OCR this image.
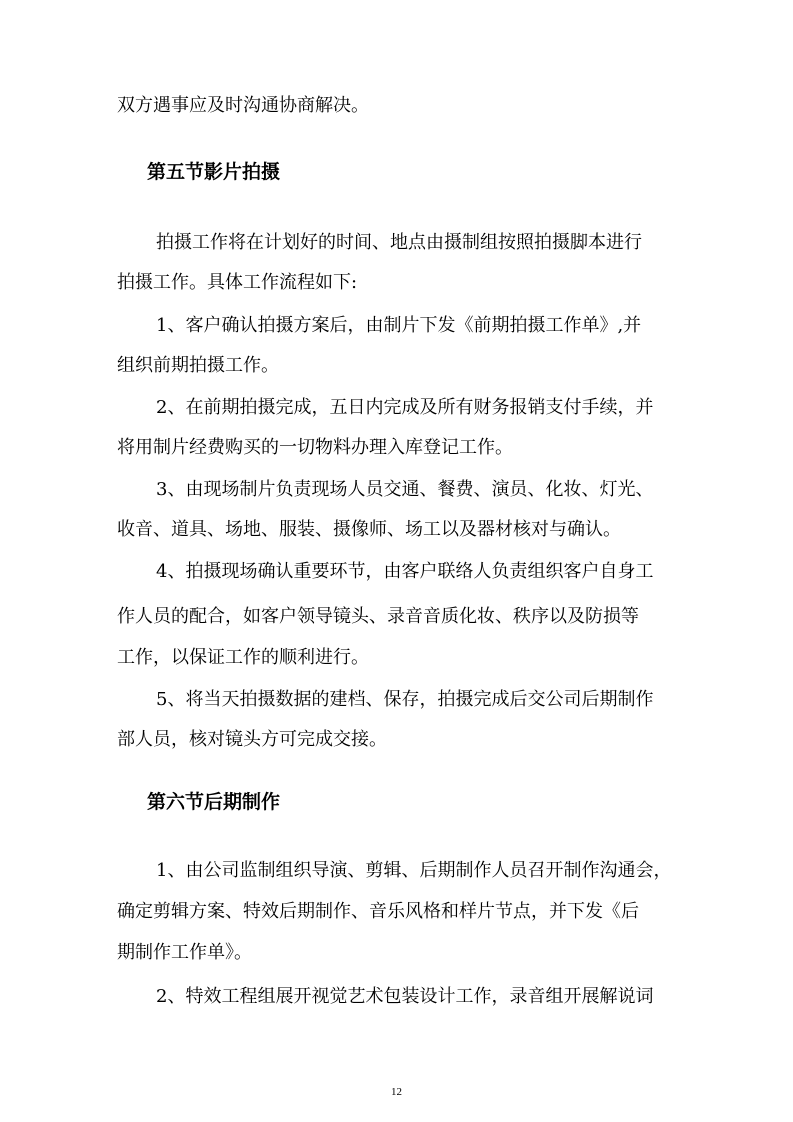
双方遇事应及时沟通协商解决。
第五节影片拍摄
拍摄工作将在计划好的时间、地点由摄制组按照拍摄脚本进行
拍摄工作。具体工作流程如下:
1、客户确认拍摄方案后，由制片下发《前期拍摄工作单》,并
组织前期拍摄工作。
2、在前期拍摄完成，五日内完成及所有财务报销支付手续，并
将用制片经费购买的一切物料办理入库登记工作。
3、由现场制片负责现场人员交通、餐费、演员、化妆、灯光、
收音、道具、场地、服装、摄像师、场工以及器材核对与确认。
4、拍摄现场确认重要环节，由客户联络人负责组织客户自身工
作人员的配合，如客户领导镜头、录音音质化妆、秩序以及防损等
工作，以保证工作的顺利进行。
5、将当天拍摄数据的建档、保存，拍摄完成后交公司后期制作
部人员，核对镜头方可完成交接。
第六节后期制作
1、由公司监制组织导演、剪辑、后期制作人员召开制作沟通会，
确定剪辑方案、特效后期制作、音乐风格和样片节点，并下发《后
期制作工作单》。
2、特效工程组展开视觉艺术包装设计工作，录音组开展解说词
12
